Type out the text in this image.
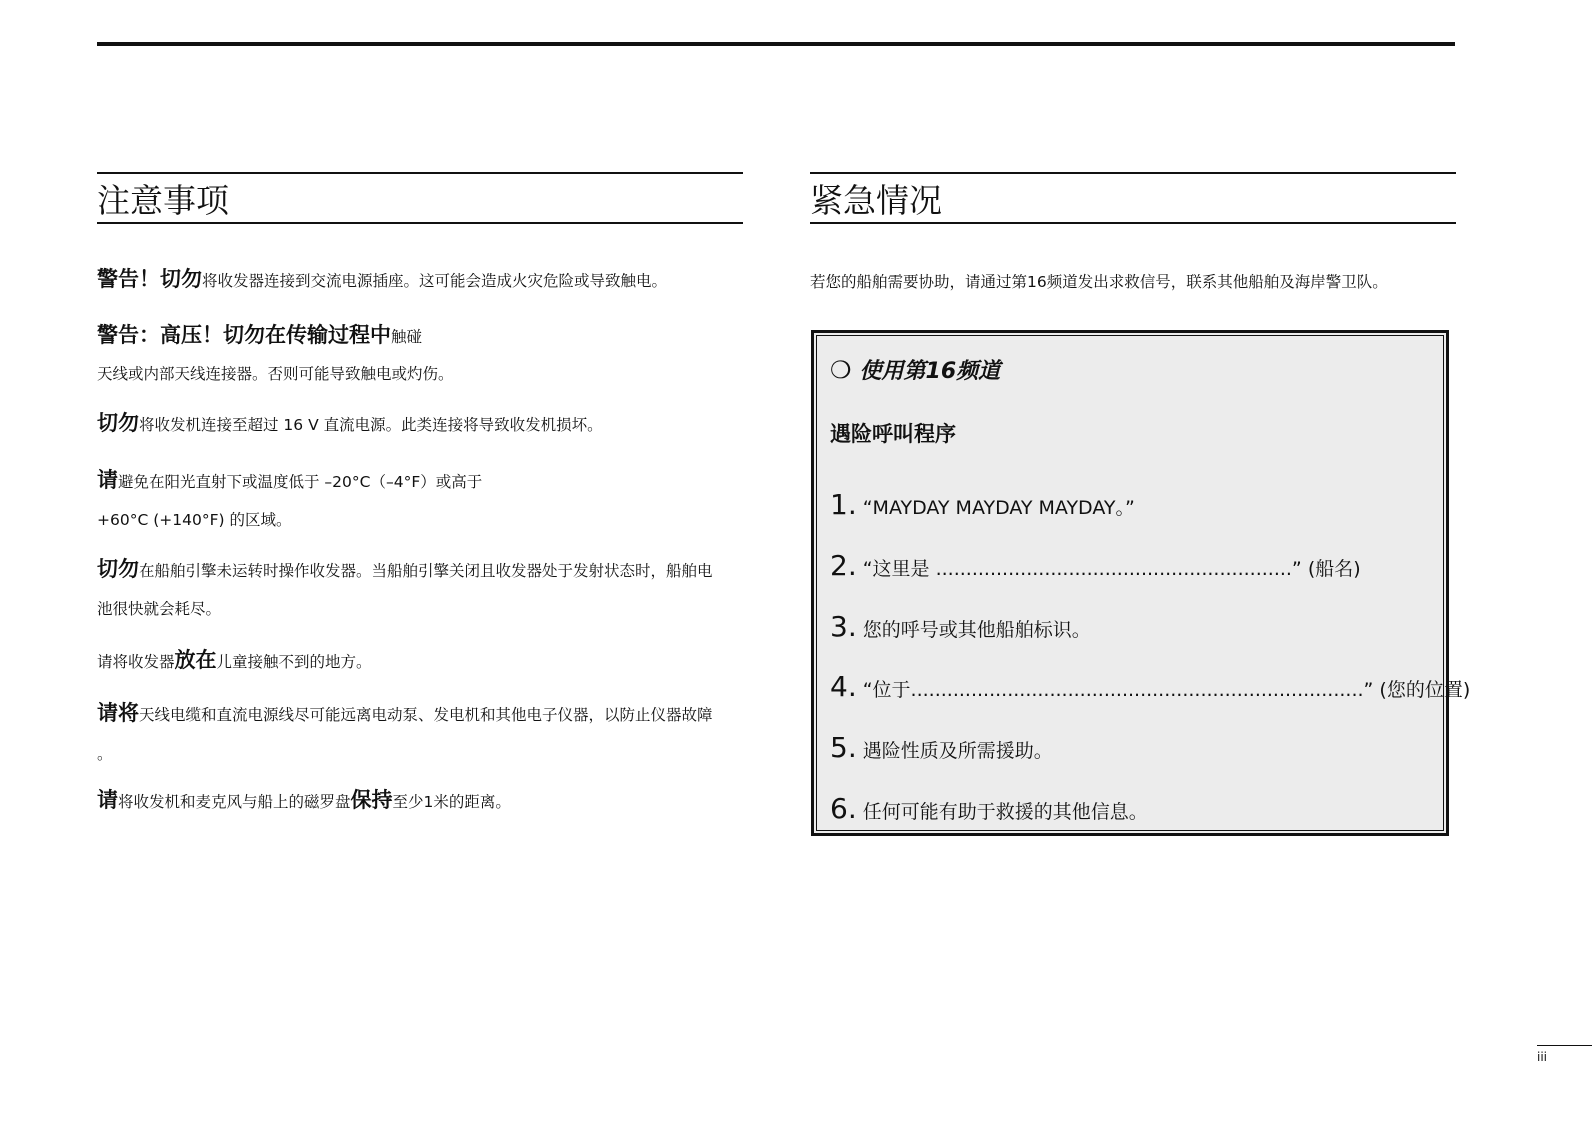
注意事项

警告！切勿将收发器连接到交流电源插座。这可能会造成火灾危险或导致触电。

警告：高压！切勿在传输过程中触碰

天线或内部天线连接器。否则可能导致触电或灼伤。

切勿将收发机连接至超过 16 V 直流电源。此类连接将导致收发机损坏。

请避免在阳光直射下或温度低于 –20°C（–4°F）或高于

+60°C (+140°F) 的区域。

切勿在船舶引擎未运转时操作收发器。当船舶引擎关闭且收发器处于发射状态时，船舶电

池很快就会耗尽。

请将收发器放在儿童接触不到的地方。

请将天线电缆和直流电源线尽可能远离电动泵、发电机和其他电子仪器，以防止仪器故障

。

请将收发机和麦克风与船上的磁罗盘保持至少1米的距离。

紧急情况

若您的船舶需要协助，请通过第16频道发出求救信号，联系其他船舶及海岸警卫队。

❍ 使用第16频道
遇险呼叫程序
1. “MAYDAY MAYDAY MAYDAY。”
2. “这里是 ...........................................................” (船名)
3. 您的呼号或其他船舶标识。
4. “位于...........................................................................” (您的位置)
5. 遇险性质及所需援助。
6. 任何可能有助于救援的其他信息。
iii
